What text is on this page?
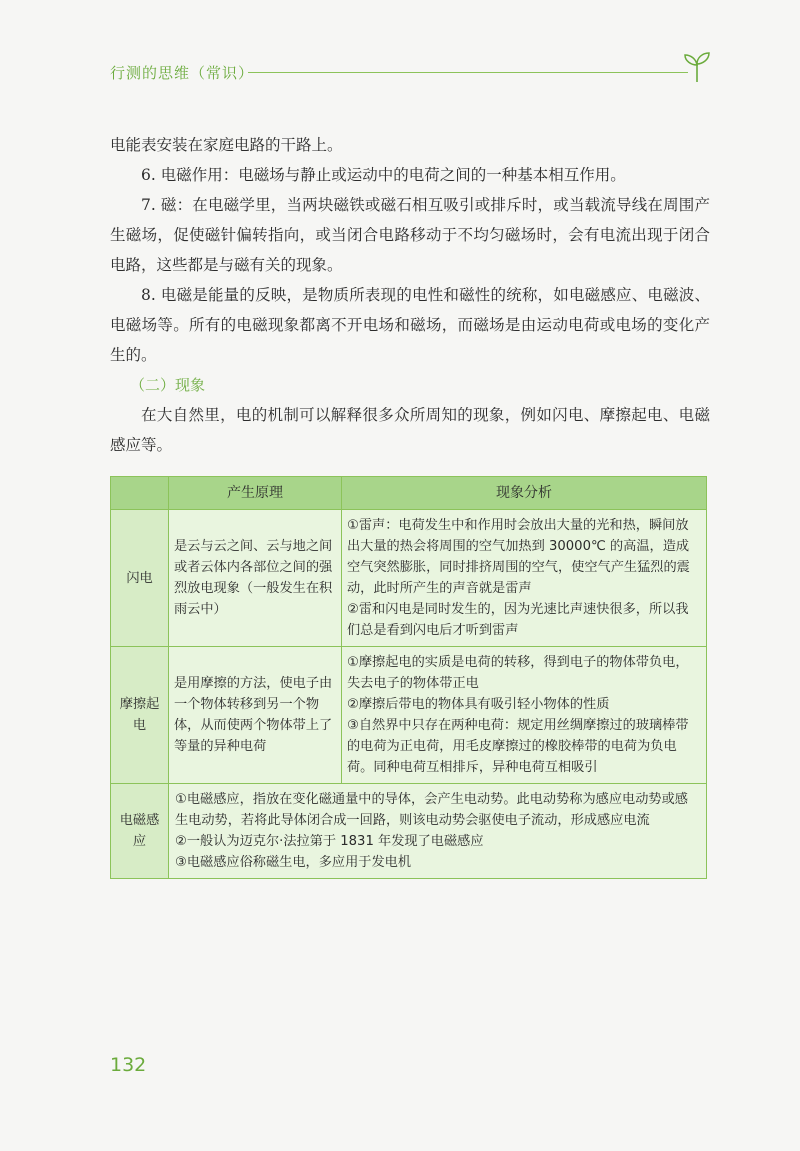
行测的思维（常识）

电能表安装在家庭电路的干路上。

6. 电磁作用：电磁场与静止或运动中的电荷之间的一种基本相互作用。

7. 磁：在电磁学里，当两块磁铁或磁石相互吸引或排斥时，或当载流导线在周围产生磁场，促使磁针偏转指向，或当闭合电路移动于不均匀磁场时，会有电流出现于闭合电路，这些都是与磁有关的现象。

8. 电磁是能量的反映，是物质所表现的电性和磁性的统称，如电磁感应、电磁波、电磁场等。所有的电磁现象都离不开电场和磁场，而磁场是由运动电荷或电场的变化产生的。

（二）现象

在大自然里，电的机制可以解释很多众所周知的现象，例如闪电、摩擦起电、电磁感应等。

	产生原理	现象分析
闪电	是云与云之间、云与地之间或者云体内各部位之间的强烈放电现象（一般发生在积雨云中）	①雷声：电荷发生中和作用时会放出大量的光和热，瞬间放出大量的热会将周围的空气加热到 30000℃ 的高温，造成空气突然膨胀，同时排挤周围的空气，使空气产生猛烈的震动，此时所产生的声音就是雷声
②雷和闪电是同时发生的，因为光速比声速快很多，所以我们总是看到闪电后才听到雷声

摩擦起电	是用摩擦的方法，使电子由一个物体转移到另一个物体，从而使两个物体带上了等量的异种电荷	①摩擦起电的实质是电荷的转移，得到电子的物体带负电，失去电子的物体带正电
②摩擦后带电的物体具有吸引轻小物体的性质
③自然界中只存在两种电荷：规定用丝绸摩擦过的玻璃棒带的电荷为正电荷，用毛皮摩擦过的橡胶棒带的电荷为负电荷。同种电荷互相排斥，异种电荷互相吸引

电磁感应	①电磁感应，指放在变化磁通量中的导体，会产生电动势。此电动势称为感应电动势或感生电动势，若将此导体闭合成一回路，则该电动势会驱使电子流动，形成感应电流
②一般认为迈克尔·法拉第于 1831 年发现了电磁感应
③电磁感应俗称磁生电，多应用于发电机	
132
